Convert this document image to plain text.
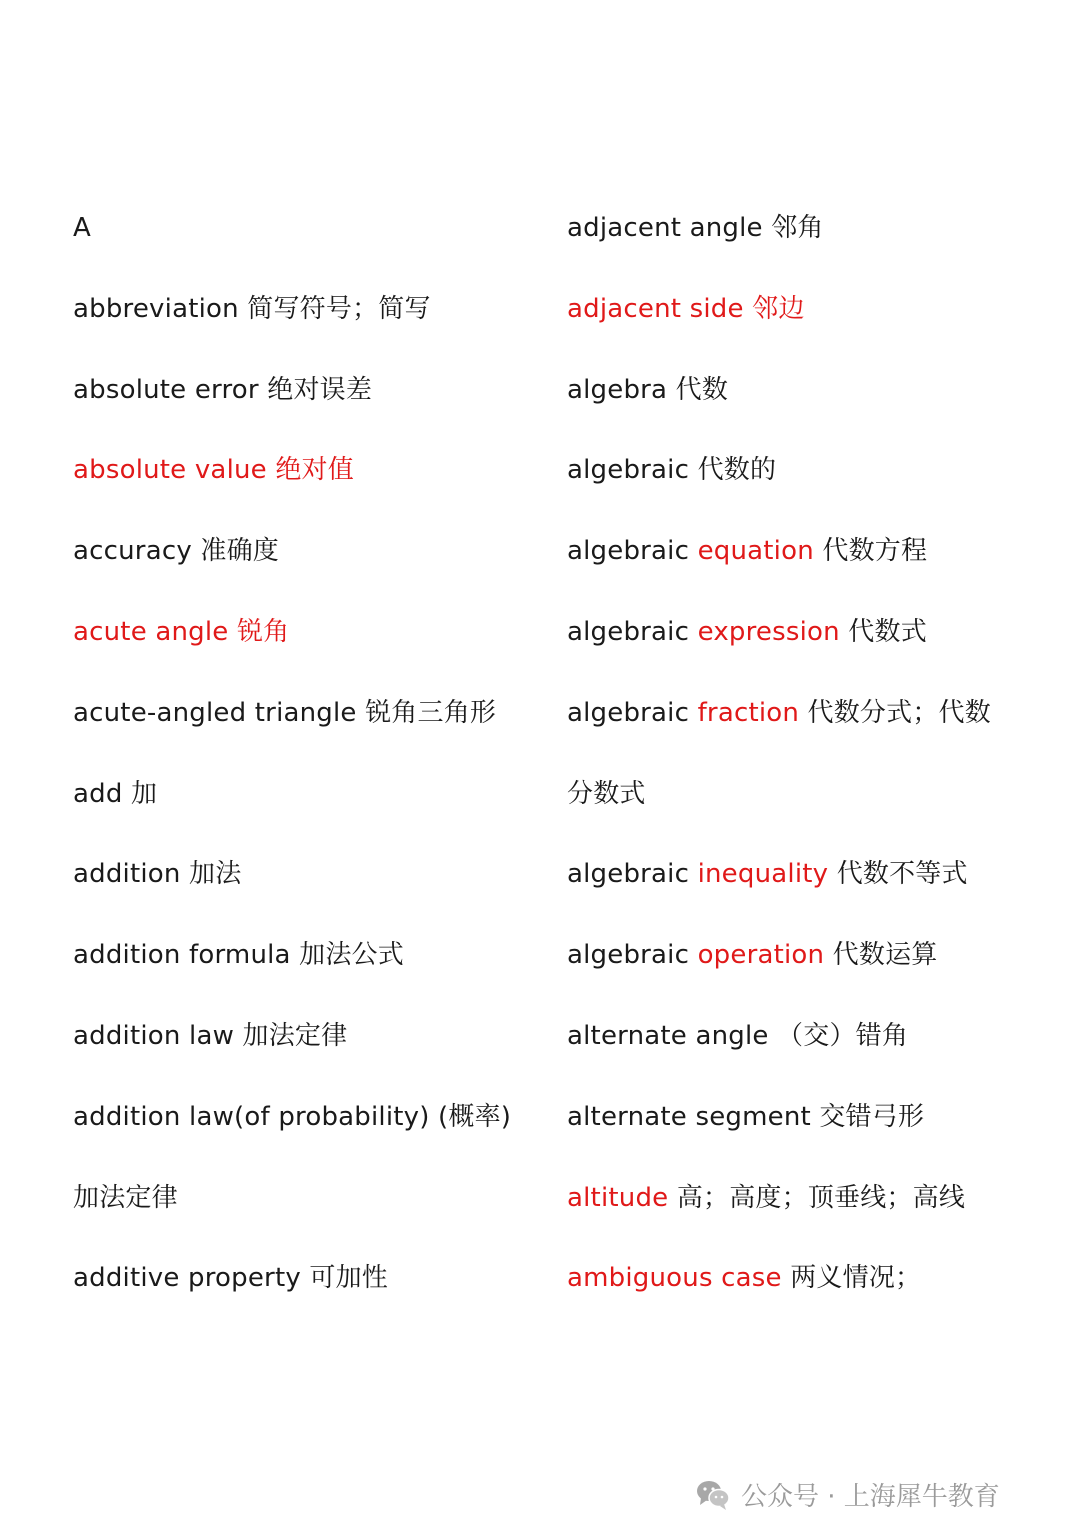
A
abbreviation 简写符号；简写
absolute error 绝对误差
absolute value 绝对值
accuracy 准确度
acute angle 锐角
acute-angled triangle 锐角三角形
add 加
addition 加法
addition formula 加法公式
addition law 加法定律
addition law(of probability) (概率)
加法定律
additive property 可加性
adjacent angle 邻角
adjacent side 邻边
algebra 代数
algebraic 代数的
algebraic equation 代数方程
algebraic expression 代数式
algebraic fraction 代数分式；代数
分数式
algebraic inequality 代数不等式
algebraic operation 代数运算
alternate angle （交）错角
alternate segment 交错弓形
altitude 高；高度；顶垂线；高线
ambiguous case 两义情况；
公众号 · 上海犀牛教育
